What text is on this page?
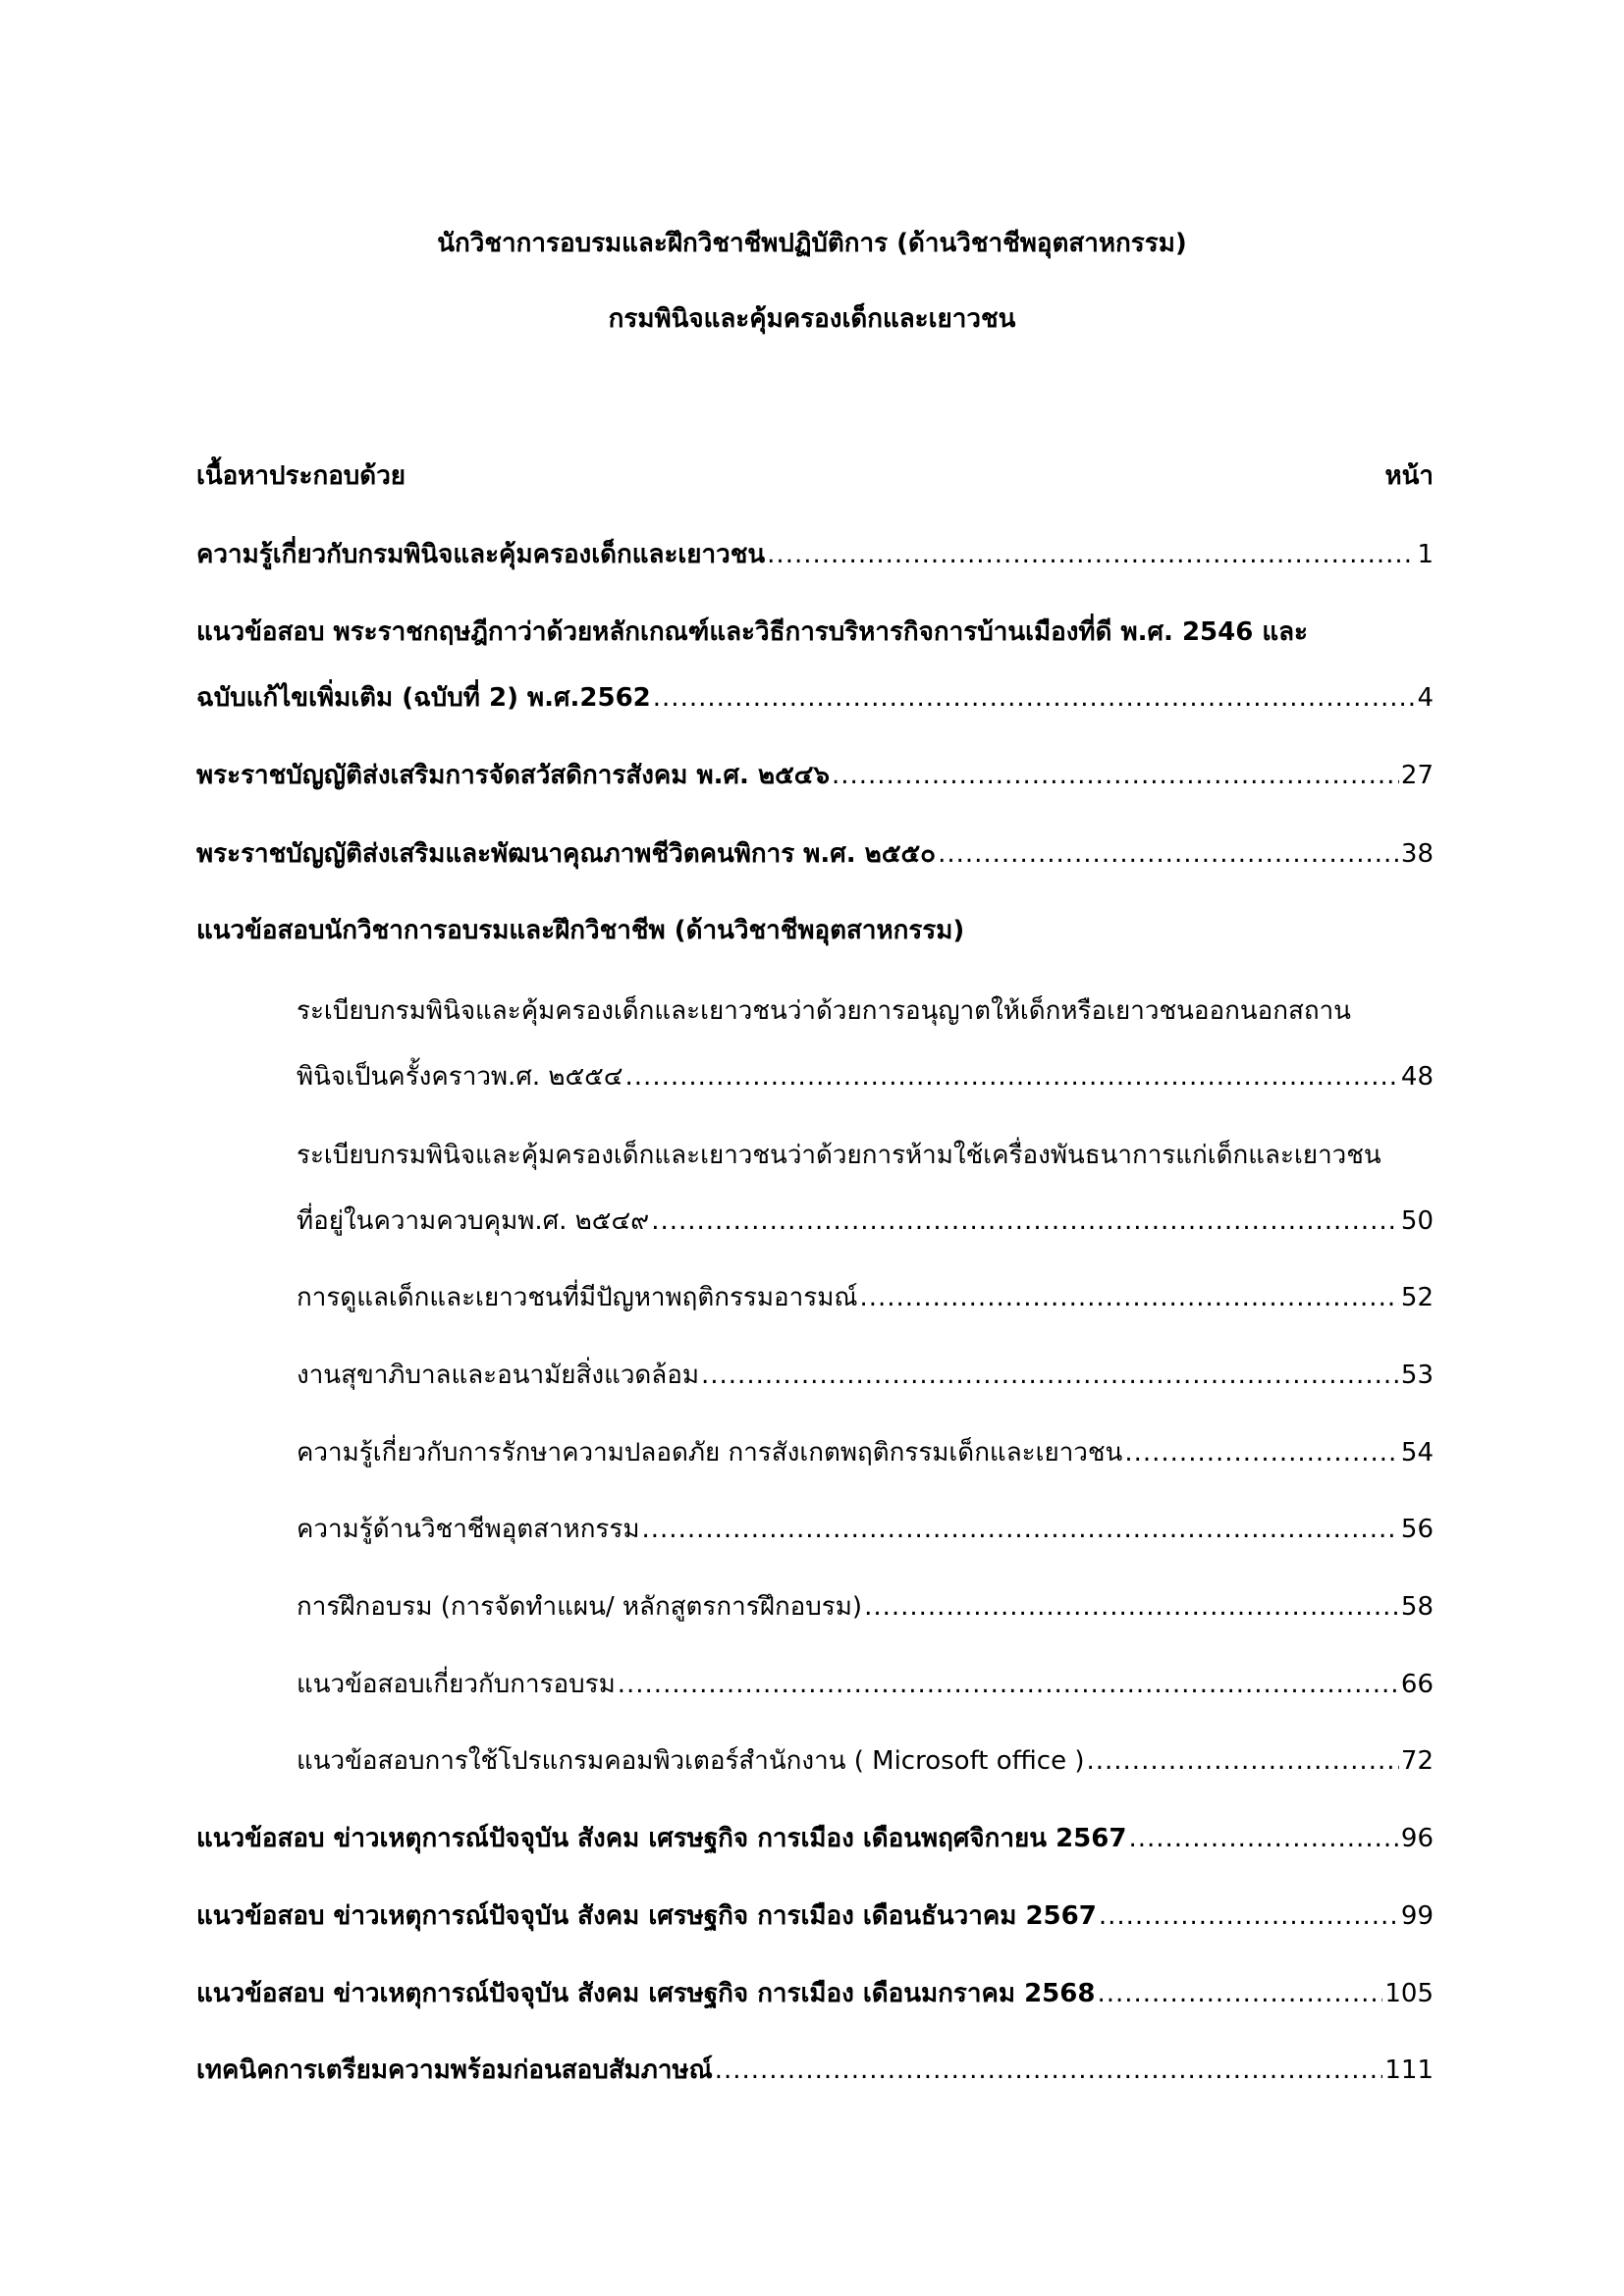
นักวิชาการอบรมและฝึกวิชาชีพปฏิบัติการ (ด้านวิชาชีพอุตสาหกรรม)
กรมพินิจและคุ้มครองเด็กและเยาวชน
เนื้อหาประกอบด้วย	หน้า
ความรู้เกี่ยวกับกรมพินิจและคุ้มครองเด็กและเยาวชน .....	1
แนวข้อสอบ พระราชกฤษฎีกาว่าด้วยหลักเกณฑ์และวิธีการบริหารกิจการบ้านเมืองที่ดี พ.ศ. 2546 และ
ฉบับแก้ไขเพิ่มเติม (ฉบับที่ 2) พ.ศ.2562 .....	4
พระราชบัญญัติส่งเสริมการจัดสวัสดิการสังคม พ.ศ. ๒๕๔๖ .....	27
พระราชบัญญัติส่งเสริมและพัฒนาคุณภาพชีวิตคนพิการ พ.ศ. ๒๕๕๐ .....	38
แนวข้อสอบนักวิชาการอบรมและฝึกวิชาชีพ (ด้านวิชาชีพอุตสาหกรรม)
ระเบียบกรมพินิจและคุ้มครองเด็กและเยาวชนว่าด้วยการอนุญาตให้เด็กหรือเยาวชนออกนอกสถาน
พินิจเป็นครั้งคราวพ.ศ. ๒๕๕๔ .....	48
ระเบียบกรมพินิจและคุ้มครองเด็กและเยาวชนว่าด้วยการห้ามใช้เครื่องพันธนาการแก่เด็กและเยาวชน
ที่อยู่ในความควบคุมพ.ศ. ๒๕๔๙ .....	50
การดูแลเด็กและเยาวชนที่มีปัญหาพฤติกรรมอารมณ์ .....	52
งานสุขาภิบาลและอนามัยสิ่งแวดล้อม .....	53
ความรู้เกี่ยวกับการรักษาความปลอดภัย การสังเกตพฤติกรรมเด็กและเยาวชน .....	54
ความรู้ด้านวิชาชีพอุตสาหกรรม .....	56
การฝึกอบรม (การจัดทำแผน/ หลักสูตรการฝึกอบรม) .....	58
แนวข้อสอบเกี่ยวกับการอบรม .....	66
แนวข้อสอบการใช้โปรแกรมคอมพิวเตอร์สำนักงาน ( Microsoft office ) .....	72
แนวข้อสอบ ข่าวเหตุการณ์ปัจจุบัน สังคม เศรษฐกิจ การเมือง เดือนพฤศจิกายน 2567 .....	96
แนวข้อสอบ ข่าวเหตุการณ์ปัจจุบัน สังคม เศรษฐกิจ การเมือง เดือนธันวาคม 2567 .....	99
แนวข้อสอบ ข่าวเหตุการณ์ปัจจุบัน สังคม เศรษฐกิจ การเมือง เดือนมกราคม 2568 .....	105
เทคนิคการเตรียมความพร้อมก่อนสอบสัมภาษณ์ .....	111
